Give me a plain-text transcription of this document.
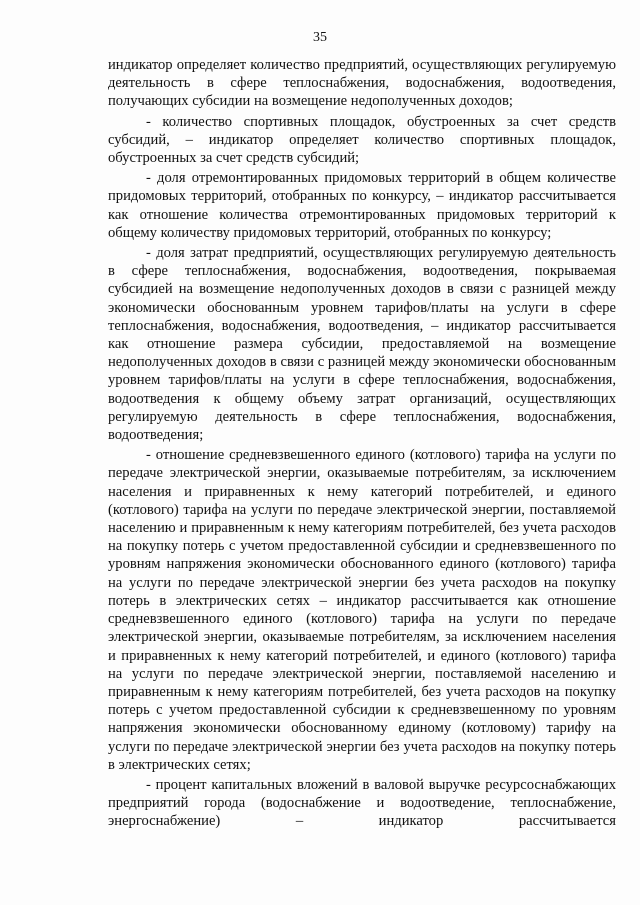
35

индикатор определяет количество предприятий, осуществляющих регулируемую деятельность в сфере теплоснабжения, водоснабжения, водоотведения, получающих субсидии на возмещение недополученных доходов;

- количество спортивных площадок, обустроенных за счет средств субсидий, – индикатор определяет количество спортивных площадок, обустроенных за счет средств субсидий;

- доля отремонтированных придомовых территорий в общем количестве придомовых территорий, отобранных по конкурсу, – индикатор рассчитывается как отношение количества отремонтированных придомовых территорий к общему количеству придомовых территорий, отобранных по конкурсу;

- доля затрат предприятий, осуществляющих регулируемую деятельность в сфере теплоснабжения, водоснабжения, водоотведения, покрываемая субсидией на возмещение недополученных доходов в связи с разницей между экономически обоснованным уровнем тарифов/платы на услуги в сфере теплоснабжения, водоснабжения, водоотведения, – индикатор рассчитывается как отношение размера субсидии, предоставляемой на возмещение недополученных доходов в связи с разницей между экономически обоснованным уровнем тарифов/платы на услуги в сфере теплоснабжения, водоснабжения, водоотведения к общему объему затрат организаций, осуществляющих регулируемую деятельность в сфере теплоснабжения, водоснабжения, водоотведения;

- отношение средневзвешенного единого (котлового) тарифа на услуги по передаче электрической энергии, оказываемые потребителям, за исключением населения и приравненных к нему категорий потребителей, и единого (котлового) тарифа на услуги по передаче электрической энергии, поставляемой населению и приравненным к нему категориям потребителей, без учета расходов на покупку потерь с учетом предоставленной субсидии и средневзвешенного по уровням напряжения экономически обоснованного единого (котлового) тарифа на услуги по передаче электрической энергии без учета расходов на покупку потерь в электрических сетях – индикатор рассчитывается как отношение средневзвешенного единого (котлового) тарифа на услуги по передаче электрической энергии, оказываемые потребителям, за исключением населения и приравненных к нему категорий потребителей, и единого (котлового) тарифа на услуги по передаче электрической энергии, поставляемой населению и приравненным к нему категориям потребителей, без учета расходов на покупку потерь с учетом предоставленной субсидии к средневзвешенному по уровням напряжения экономически обоснованному единому (котловому) тарифу на услуги по передаче электрической энергии без учета расходов на покупку потерь в электрических сетях;

- процент капитальных вложений в валовой выручке ресурсоснабжающих предприятий города (водоснабжение и водоотведение, теплоснабжение, энергоснабжение) – индикатор рассчитывается
